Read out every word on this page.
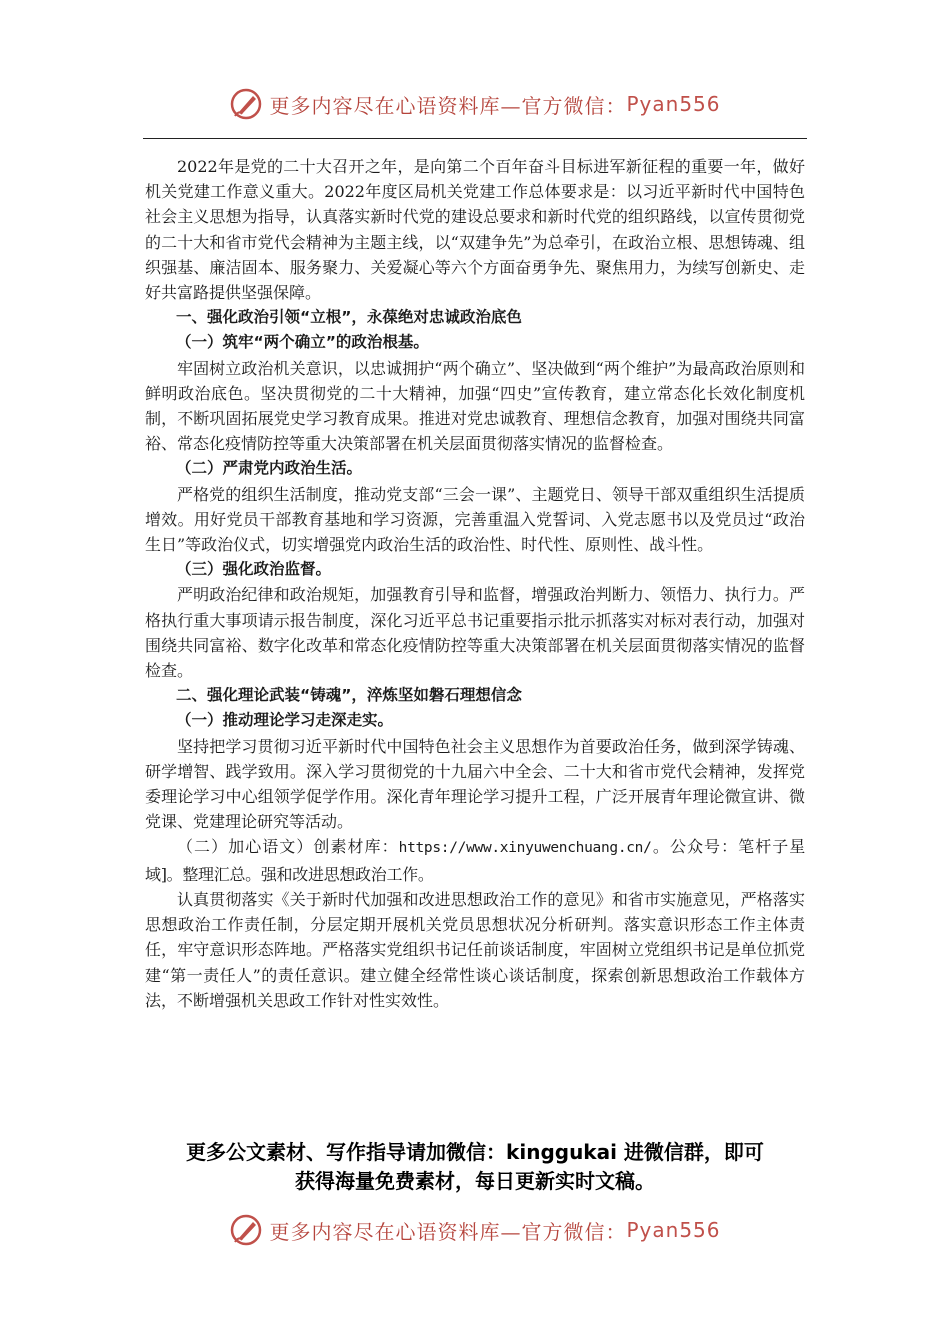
更多内容尽在心语资料库—官方微信： Pyan556

2022年是党的二十大召开之年，是向第二个百年奋斗目标进军新征程的重要一年，做好机关党建工作意义重大。2022年度区局机关党建工作总体要求是：以习近平新时代中国特色社会主义思想为指导，认真落实新时代党的建设总要求和新时代党的组织路线，以宣传贯彻党的二十大和省市党代会精神为主题主线，以“双建争先”为总牵引，在政治立根、思想铸魂、组织强基、廉洁固本、服务聚力、关爱凝心等六个方面奋勇争先、聚焦用力，为续写创新史、走好共富路提供坚强保障。

一、强化政治引领“立根”，永葆绝对忠诚政治底色

（一）筑牢“两个确立”的政治根基。

牢固树立政治机关意识，以忠诚拥护“两个确立”、坚决做到“两个维护”为最高政治原则和鲜明政治底色。坚决贯彻党的二十大精神，加强“四史”宣传教育，建立常态化长效化制度机制，不断巩固拓展党史学习教育成果。推进对党忠诚教育、理想信念教育，加强对围绕共同富裕、常态化疫情防控等重大决策部署在机关层面贯彻落实情况的监督检查。

（二）严肃党内政治生活。

严格党的组织生活制度，推动党支部“三会一课”、主题党日、领导干部双重组织生活提质增效。用好党员干部教育基地和学习资源，完善重温入党誓词、入党志愿书以及党员过“政治生日”等政治仪式，切实增强党内政治生活的政治性、时代性、原则性、战斗性。

（三）强化政治监督。

严明政治纪律和政治规矩，加强教育引导和监督，增强政治判断力、领悟力、执行力。严格执行重大事项请示报告制度，深化习近平总书记重要指示批示抓落实对标对表行动，加强对围绕共同富裕、数字化改革和常态化疫情防控等重大决策部署在机关层面贯彻落实情况的监督检查。

二、强化理论武装“铸魂”，淬炼坚如磐石理想信念

（一）推动理论学习走深走实。

坚持把学习贯彻习近平新时代中国特色社会主义思想作为首要政治任务，做到深学铸魂、研学增智、践学致用。深入学习贯彻党的十九届六中全会、二十大和省市党代会精神，发挥党委理论学习中心组领学促学作用。深化青年理论学习提升工程，广泛开展青年理论微宣讲、微党课、党建理论研究等活动。

（二）加心语文）创素材库：https://www.xinyuwenchuang.cn/。公众号：笔杆子星域]。整理汇总。强和改进思想政治工作。

认真贯彻落实《关于新时代加强和改进思想政治工作的意见》和省市实施意见，严格落实思想政治工作责任制，分层定期开展机关党员思想状况分析研判。落实意识形态工作主体责任，牢守意识形态阵地。严格落实党组织书记任前谈话制度，牢固树立党组织书记是单位抓党建“第一责任人”的责任意识。建立健全经常性谈心谈话制度，探索创新思想政治工作载体方法，不断增强机关思政工作针对性实效性。

更多公文素材、写作指导请加微信：kinggukai 进微信群，即可
获得海量免费素材，每日更新实时文稿。
更多内容尽在心语资料库—官方微信： Pyan556
